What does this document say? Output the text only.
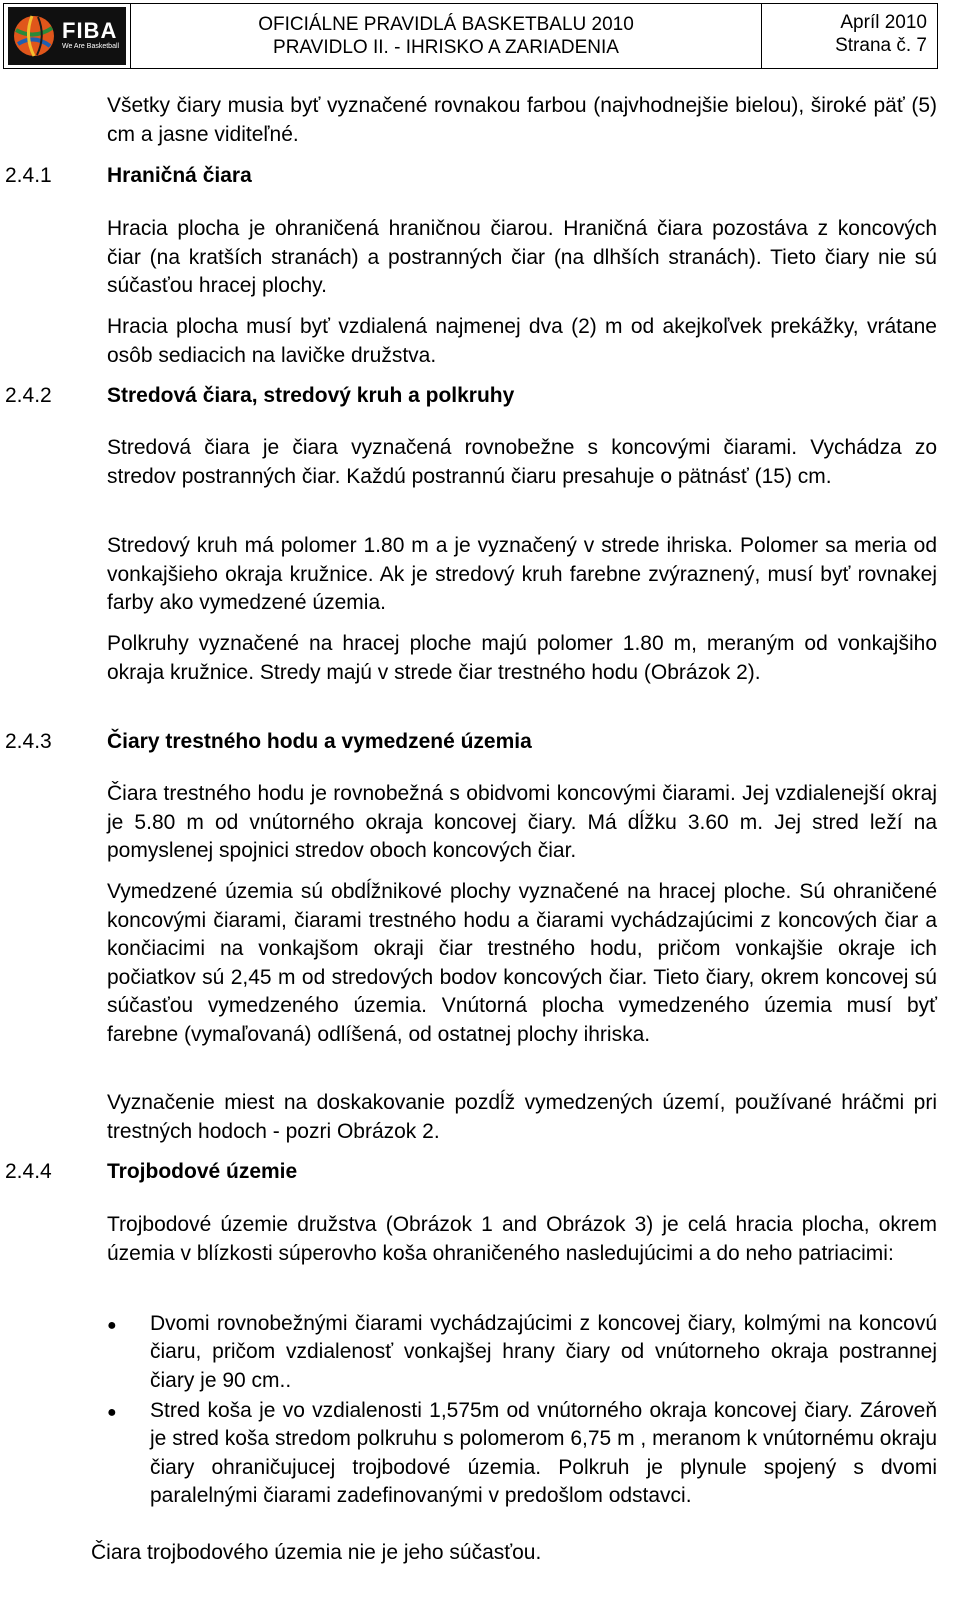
FIBA
We Are Basketball
OFICIÁLNE PRAVIDLÁ BASKETBALU 2010
PRAVIDLO II. - IHRISKO A ZARIADENIA
Apríl 2010
Strana č. 7
Všetky čiary musia byť vyznačené rovnakou farbou (najvhodnejšie bielou), široké päť (5) cm a jasne viditeľné.
2.4.1	Hraničná čiara
Hracia plocha je ohraničená hraničnou čiarou. Hraničná čiara pozostáva z koncových čiar (na kratších stranách) a postranných čiar (na dlhších stranách). Tieto čiary nie sú súčasťou hracej plochy.
Hracia plocha musí byť vzdialená najmenej dva (2) m od akejkoľvek prekážky, vrátane osôb sediacich na lavičke družstva.
2.4.2	Stredová čiara, stredový kruh a polkruhy
Stredová čiara je čiara vyznačená rovnobežne s koncovými čiarami. Vychádza zo stredov postranných čiar. Každú postrannú čiaru presahuje o pätnásť (15) cm.
Stredový kruh má polomer 1.80 m a je vyznačený v strede ihriska. Polomer sa meria od vonkajšieho okraja kružnice. Ak je stredový kruh farebne zvýraznený, musí byť rovnakej farby ako vymedzené územia.
Polkruhy vyznačené na hracej ploche majú polomer 1.80 m, meraným od vonkajšiho okraja kružnice. Stredy majú v strede čiar trestného hodu (Obrázok 2).
2.4.3	Čiary trestného hodu a vymedzené územia
Čiara trestného hodu je rovnobežná s obidvomi koncovými čiarami. Jej vzdialenejší okraj je 5.80 m od vnútorného okraja koncovej čiary. Má dĺžku 3.60 m. Jej stred leží na pomyslenej spojnici stredov oboch koncových čiar.
Vymedzené územia sú obdĺžnikové plochy vyznačené na hracej ploche. Sú ohraničené koncovými čiarami, čiarami trestného hodu a čiarami vychádzajúcimi z koncových čiar a končiacimi na vonkajšom okraji čiar trestného hodu, pričom vonkajšie okraje ich počiatkov sú 2,45 m od stredových bodov koncových čiar. Tieto čiary, okrem koncovej sú súčasťou vymedzeného územia. Vnútorná plocha vymedzeného územia musí byť farebne (vymaľovaná) odlíšená, od ostatnej plochy ihriska.
Vyznačenie miest na doskakovanie pozdĺž vymedzených území, používané hráčmi pri trestných hodoch - pozri Obrázok 2.
2.4.4	Trojbodové územie
Trojbodové územie družstva (Obrázok 1 and Obrázok 3) je celá hracia plocha, okrem územia v blízkosti súperovho koša ohraničeného nasledujúcimi a do neho patriacimi:
●	Dvomi rovnobežnými čiarami vychádzajúcimi z koncovej čiary, kolmými na koncovú čiaru, pričom vzdialenosť vonkajšej hrany čiary od vnútorneho okraja postrannej čiary je 90 cm..
●	Stred koša je vo vzdialenosti 1,575m od vnútorného okraja koncovej čiary. Zároveň je stred koša stredom polkruhu s polomerom 6,75 m , meranom k vnútornému okraju čiary ohraničujucej trojbodové územia. Polkruh je plynule spojený s dvomi paralelnými čiarami zadefinovanými v predošlom odstavci.
Čiara trojbodového územia nie je jeho súčasťou.
